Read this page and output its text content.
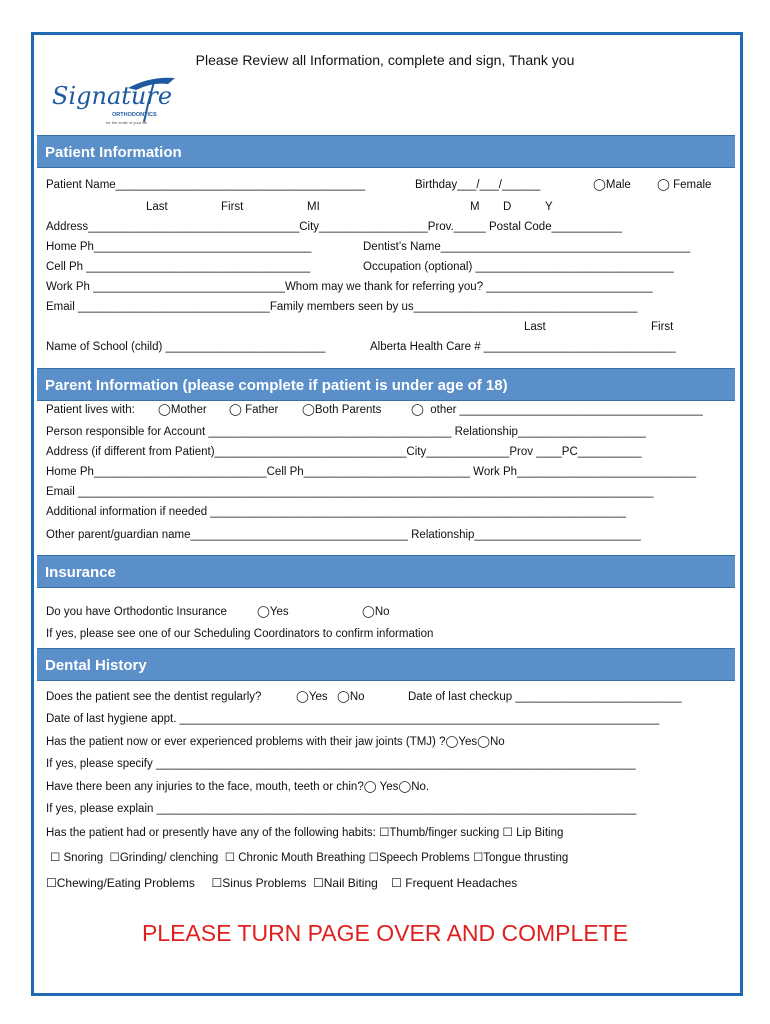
Please Review all Information, complete and sign, Thank you
Signature
ORTHODONTICS
for the smile of your life
Patient Information
Patient Name_______________________________________	Birthday___/___/______	◯Male ◯ Female
Last	First	MI	M D	Y
Address_________________________________City_________________Prov._____ Postal Code___________
Home Ph__________________________________	Dentist’s Name_______________________________________
Cell Ph ___________________________________	Occupation (optional) _______________________________
Work Ph ______________________________Whom may we thank for referring you? __________________________
Email ______________________________Family members seen by us___________________________________
Last	First
Name of School (child) _________________________	Alberta Health Care # ______________________________
Parent Information (please complete if patient is under age of 18)
Patient lives with: ◯Mother ◯ Father ◯Both Parents	◯  other ______________________________________
Person responsible for Account ______________________________________ Relationship____________________
Address (if different from Patient)______________________________City_____________Prov ____PC__________
Home Ph___________________________Cell Ph__________________________ Work Ph____________________________
Email __________________________________________________________________________________________
Additional information if needed _________________________________________________________________
Other parent/guardian name__________________________________ Relationship__________________________
Insurance
Do you have Orthodontic Insurance	◯Yes	◯No
If yes, please see one of our Scheduling Coordinators to confirm information
Dental History
Does the patient see the dentist regularly?	◯Yes ◯No	Date of last checkup __________________________
Date of last hygiene appt. ___________________________________________________________________________
Has the patient now or ever experienced problems with their jaw joints (TMJ) ?◯Yes◯No
If yes, please specify ___________________________________________________________________________
Have there been any injuries to the face, mouth, teeth or chin?◯ Yes◯No.
If yes, please explain ___________________________________________________________________________
Has the patient had or presently have any of the following habits: ☐Thumb/finger sucking ☐ Lip Biting
☐ Snoring ☐Grinding/ clenching ☐ Chronic Mouth Breathing ☐Speech Problems ☐Tongue thrusting
☐Chewing/Eating Problems ☐Sinus Problems ☐Nail Biting ☐ Frequent Headaches
PLEASE TURN PAGE OVER AND COMPLETE
